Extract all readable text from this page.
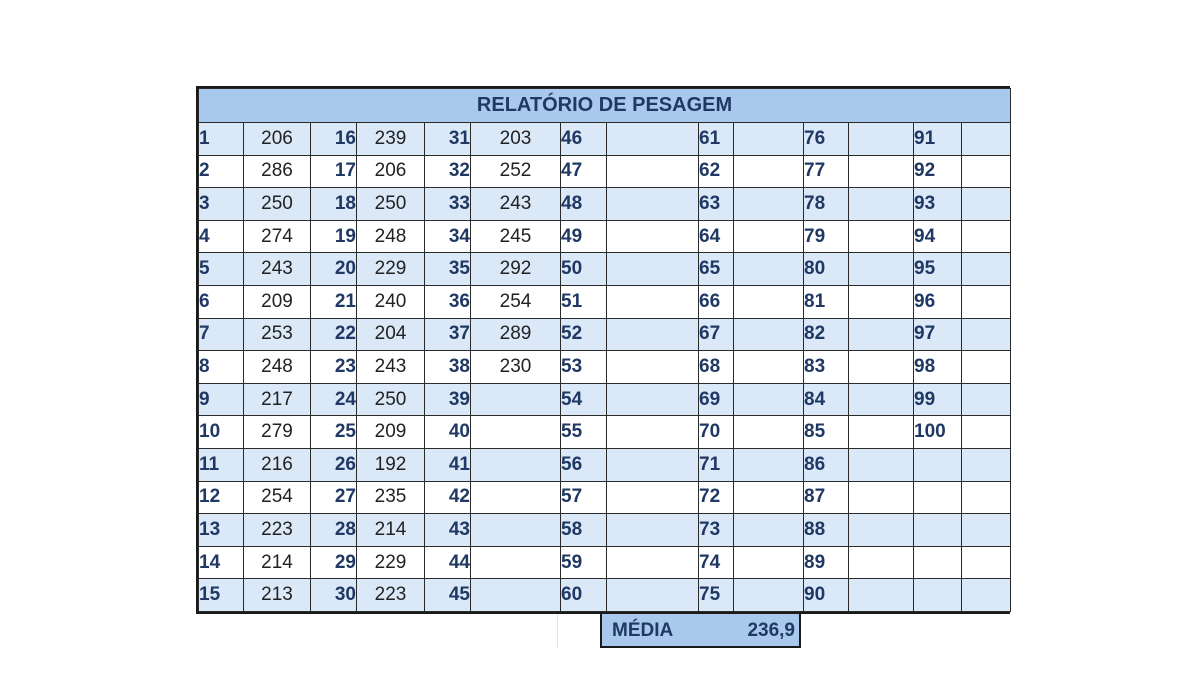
RELATÓRIO DE PESAGEM													
1	206	16	239	31	203	46		61		76		91	
2	286	17	206	32	252	47		62		77		92	
3	250	18	250	33	243	48		63		78		93	
4	274	19	248	34	245	49		64		79		94	
5	243	20	229	35	292	50		65		80		95	
6	209	21	240	36	254	51		66		81		96	
7	253	22	204	37	289	52		67		82		97	
8	248	23	243	38	230	53		68		83		98	
9	217	24	250	39		54		69		84		99	
10	279	25	209	40		55		70		85		100	
11	216	26	192	41		56		71		86			
12	254	27	235	42		57		72		87			
13	223	28	214	43		58		73		88			
14	214	29	229	44		59		74		89			
15	213	30	223	45		60		75		90			
MÉDIA	236,9
